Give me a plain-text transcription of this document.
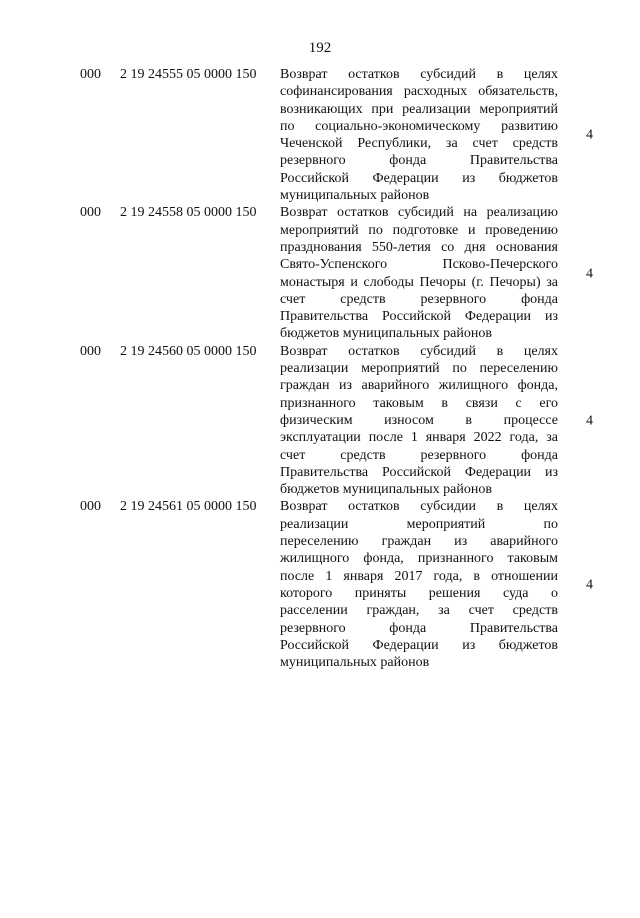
192
000 2 19 24555 05 0000 150 Возврат остатков субсидий в целях
софинансирования расходных обязательств,
возникающих при реализации мероприятий
по социально-экономическому развитию
Чеченской Республики, за счет средств
резервного фонда Правительства
Российской Федерации из бюджетов
муниципальных районов
4
000 2 19 24558 05 0000 150 Возврат остатков субсидий на реализацию
мероприятий по подготовке и проведению
празднования 550-летия со дня основания
Свято-Успенского Псково-Печерского
монастыря и слободы Печоры (г. Печоры) за
счет средств резервного фонда
Правительства Российской Федерации из
бюджетов муниципальных районов
4
000 2 19 24560 05 0000 150 Возврат остатков субсидий в целях
реализации мероприятий по переселению
граждан из аварийного жилищного фонда,
признанного таковым в связи с его
физическим износом в процессе
эксплуатации после 1 января 2022 года, за
счет средств резервного фонда
Правительства Российской Федерации из
бюджетов муниципальных районов
4
000 2 19 24561 05 0000 150 Возврат остатков субсидии в целях
реализации мероприятий по
переселению граждан из аварийного
жилищного фонда, признанного таковым
после 1 января 2017 года, в отношении
которого приняты решения суда о
расселении граждан, за счет средств
резервного фонда Правительства
Российской Федерации из бюджетов
муниципальных районов
4
